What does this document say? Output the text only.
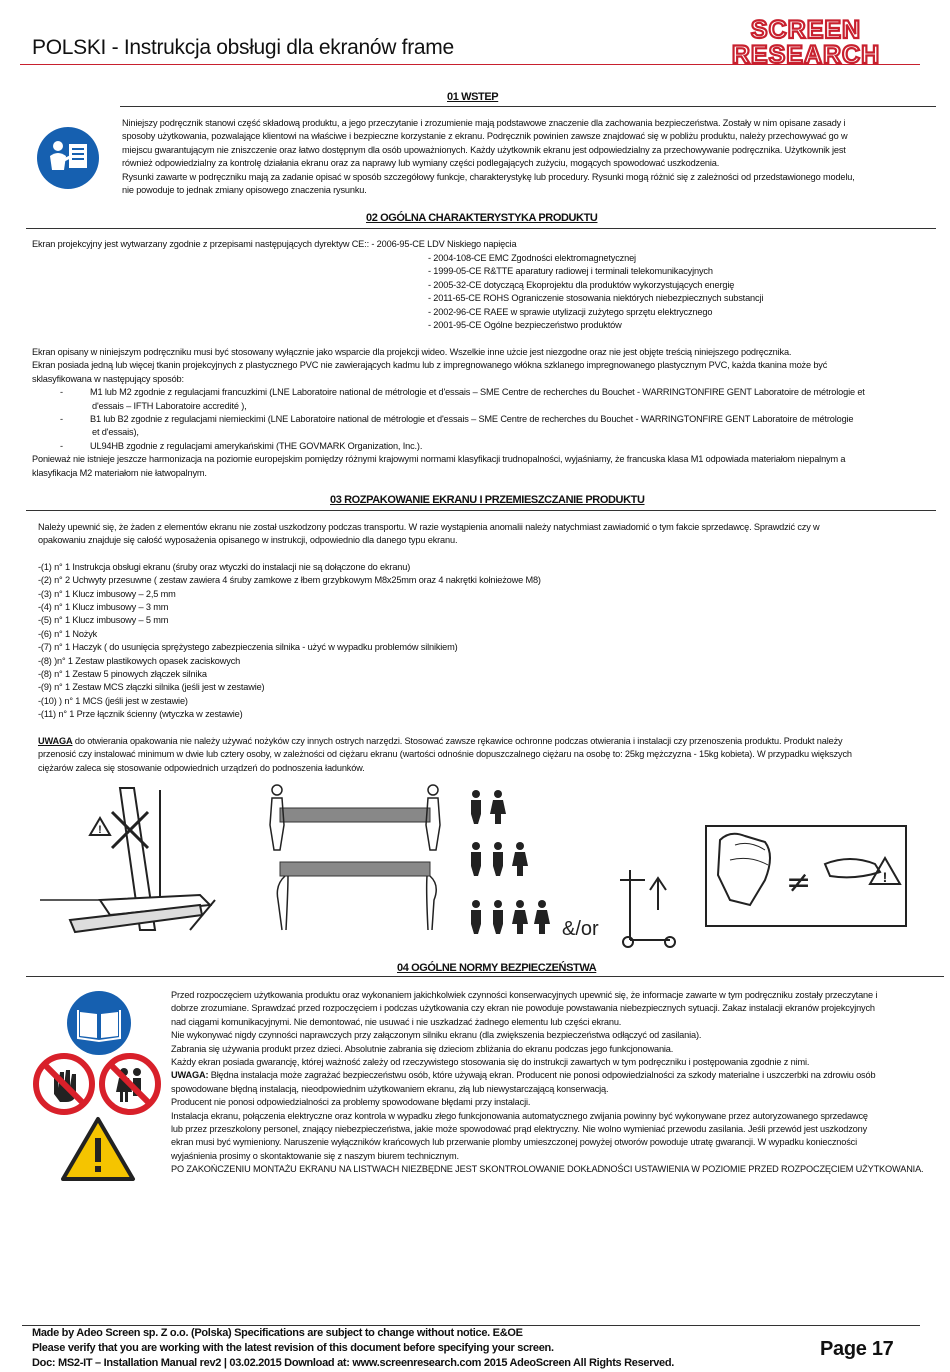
POLSKI - Instrukcja obsługi dla ekranów frame
SCREEN
RESEARCH
01 WSTEP
Niniejszy podręcznik stanowi część składową produktu, a jego przeczytanie i zrozumienie mają podstawowe znaczenie dla zachowania bezpieczeństwa. Zostały w nim opisane zasady i
sposoby użytkowania, pozwalające klientowi na właściwe i bezpieczne korzystanie z ekranu. Podręcznik powinien zawsze znajdować się w pobliżu produktu, należy przechowywać go w
miejscu gwarantującym nie zniszczenie oraz łatwo dostępnym dla osób upoważnionych. Każdy użytkownik ekranu jest odpowiedzialny za przechowywanie podręcznika. Użytkownik jest
również odpowiedzialny za kontrolę działania ekranu oraz za naprawy lub wymiany części podlegających zużyciu, mogących spowodować uszkodzenia.
Rysunki zawarte w podręczniku mają za zadanie opisać w sposób szczegółowy funkcje, charakterystykę lub procedury. Rysunki mogą różnić się z zależności od przedstawionego modelu,
nie powoduje to jednak zmiany opisowego znaczenia rysunku.
02 OGÓLNA CHARAKTERYSTYKA PRODUKTU
Ekran projekcyjny jest wytwarzany zgodnie z przepisami następujących dyrektyw CE:: - 2006-95-CE LDV Niskiego napięcia
- 2004-108-CE EMC Zgodności elektromagnetycznej
- 1999-05-CE R&TTE aparatury radiowej i terminali telekomunikacyjnych
- 2005-32-CE dotyczącą Ekoprojektu dla produktów wykorzystujących energię
- 2011-65-CE ROHS Ograniczenie stosowania niektórych niebezpiecznych substancji
- 2002-96-CE RAEE w sprawie utylizacji zużytego sprzętu elektrycznego
- 2001-95-CE Ogólne bezpieczeństwo produktów
Ekran opisany w niniejszym podręczniku musi być stosowany wyłącznie jako wsparcie dla projekcji wideo. Wszelkie inne użcie jest niezgodne oraz nie jest objęte treścią niniejszego podręcznika.
Ekran posiada jedną lub więcej tkanin projekcyjnych z plastycznego PVC nie zawierających kadmu lub z impregnowanego włókna szklanego impregnowanego plastycznym PVC, każda tkanina może być
sklasyfikowana w następujący sposób:
-	M1 lub M2 zgodnie z regulacjami francuzkimi (LNE Laboratoire national de métrologie et d'essais – SME Centre de recherches du Bouchet - WARRINGTONFIRE GENT Laboratoire de métrologie et
d'essais – IFTH Laboratoire accredité ),
-	B1 lub B2 zgodnie z regulacjami niemieckimi (LNE Laboratoire national de métrologie et d'essais – SME Centre de recherches du Bouchet - WARRINGTONFIRE GENT Laboratoire de métrologie
et d'essais),
-	UL94HB zgodnie z regulacjami amerykańskimi (THE GOVMARK Organization, Inc.).
Ponieważ nie istnieje jeszcze harmonizacja na poziomie europejskim pomiędzy różnymi krajowymi normami klasyfikacji trudnopalności, wyjaśniamy, że francuska klasa M1 odpowiada materiałom niepalnym a
klasyfikacja M2 materiałom nie łatwopalnym.
03 ROZPAKOWANIE EKRANU I PRZEMIESZCZANIE PRODUKTU
Należy upewnić się, że żaden z elementów ekranu nie został uszkodzony podczas transportu. W razie wystąpienia anomalii należy natychmiast zawiadomić o tym fakcie sprzedawcę. Sprawdzić czy w
opakowaniu znajduje się całość wyposażenia opisanego w instrukcji, odpowiednio dla danego typu ekranu.
-(1) n° 1 Instrukcja obsługi ekranu (śruby oraz wtyczki do instalacji nie są dołączone do ekranu)
-(2) n° 2 Uchwyty przesuwne ( zestaw zawiera 4 śruby zamkowe z łbem grzybkowym M8x25mm oraz 4 nakrętki kołnieżowe M8)
-(3) n° 1 Klucz imbusowy – 2,5 mm
-(4) n° 1 Klucz imbusowy – 3 mm
-(5) n° 1 Klucz imbusowy – 5 mm
-(6) n° 1 Nożyk
-(7) n° 1 Haczyk ( do usunięcia sprężystego zabezpieczenia silnika - użyć w wypadku problemów silnikiem)
-(8) )n° 1 Zestaw plastikowych opasek zaciskowych
-(8) n° 1 Zestaw 5 pinowych złączek silnika
-(9) n° 1 Zestaw MCS złączki silnika (jeśli jest w zestawie)
-(10) ) n° 1 MCS (jeśli jest w zestawie)
-(11) n° 1 Prze łącznik ścienny (wtyczka w zestawie)
UWAGA do otwierania opakowania nie należy używać nożyków czy innych ostrych narzędzi. Stosować zawsze rękawice ochronne podczas otwierania i instalacji czy przenoszenia produktu. Produkt należy
przenosić czy instalować minimum w dwie lub cztery osoby, w zależności od ciężaru ekranu (wartości odnośnie dopuszczalnego ciężaru na osobę to: 25kg mężczyzna - 15kg kobieta). W przypadku większych
ciężarów zaleca się stosowanie odpowiednich urządzeń do podnoszenia ładunków.
!
&/or
≠	!
04 OGÓLNE NORMY BEZPIECZEŃSTWA
Przed rozpoczęciem użytkowania produktu oraz wykonaniem jakichkolwiek czynności konserwacyjnych upewnić się, że informacje zawarte w tym podręczniku zostały przeczytane i
dobrze zrozumiane. Sprawdzać przed rozpoczęciem i podczas użytkowania czy ekran nie powoduje powstawania niebezpiecznych sytuacji. Zakaz instalacji ekranów projekcyjnych
nad ciągami komunikacyjnymi. Nie demontować, nie usuwać i nie uszkadzać żadnego elementu lub części ekranu.
Nie wykonywać nigdy czynności naprawczych przy załączonym silniku ekranu (dla zwiększenia bezpieczeństwa odłączyć od zasilania).
Zabrania się używania produkt przez dzieci. Absolutnie zabrania się dzieciom zbliżania do ekranu podczas jego funkcjonowania.
Każdy ekran posiada gwarancję, której ważność zależy od rzeczywistego stosowania się do instrukcji zawartych w tym podręczniku i postępowania zgodnie z nimi.
UWAGA: Błędna instalacja może zagrażać bezpieczeństwu osób, które używają ekran. Producent nie ponosi odpowiedzialności za szkody materialne i uszczerbki na zdrowiu osób
spowodowane błędną instalacją, nieodpowiednim użytkowaniem ekranu, złą lub niewystarczającą konserwacją.
Producent nie ponosi odpowiedzialności za problemy spowodowane błędami przy instalacji.
Instalacja ekranu, połączenia elektryczne oraz kontrola w wypadku złego funkcjonowania automatycznego zwijania powinny być wykonywane przez autoryzowanego sprzedawcę
lub przez przeszkolony personel, znający niebezpieczeństwa, jakie może spowodować prąd elektryczny. Nie wolno wymieniać przewodu zasilania. Jeśli przewód jest uszkodzony
ekran musi być wymieniony. Naruszenie wyłączników krańcowych lub przerwanie plomby umieszczonej powyżej otworów powoduje utratę gwarancji. W wypadku konieczności
wyjaśnienia prosimy o skontaktowanie się z naszym biurem technicznym.
PO ZAKOŃCZENIU MONTAŻU EKRANU NA LISTWACH NIEZBĘDNE JEST SKONTROLOWANIE DOKŁADNOŚCI USTAWIENIA W POZIOMIE PRZED ROZPOCZĘCIEM UŻYTKOWANIA.
Made by Adeo Screen sp. Z o.o. (Polska) Specifications are subject to change without notice. E&OE
Please verify that you are working with the latest revision of this document before specifying your screen.
Doc: MS2-IT – Installation Manual rev2 | 03.02.2015 Download at: www.screenresearch.com 2015 AdeoScreen All Rights Reserved.
Page 17
